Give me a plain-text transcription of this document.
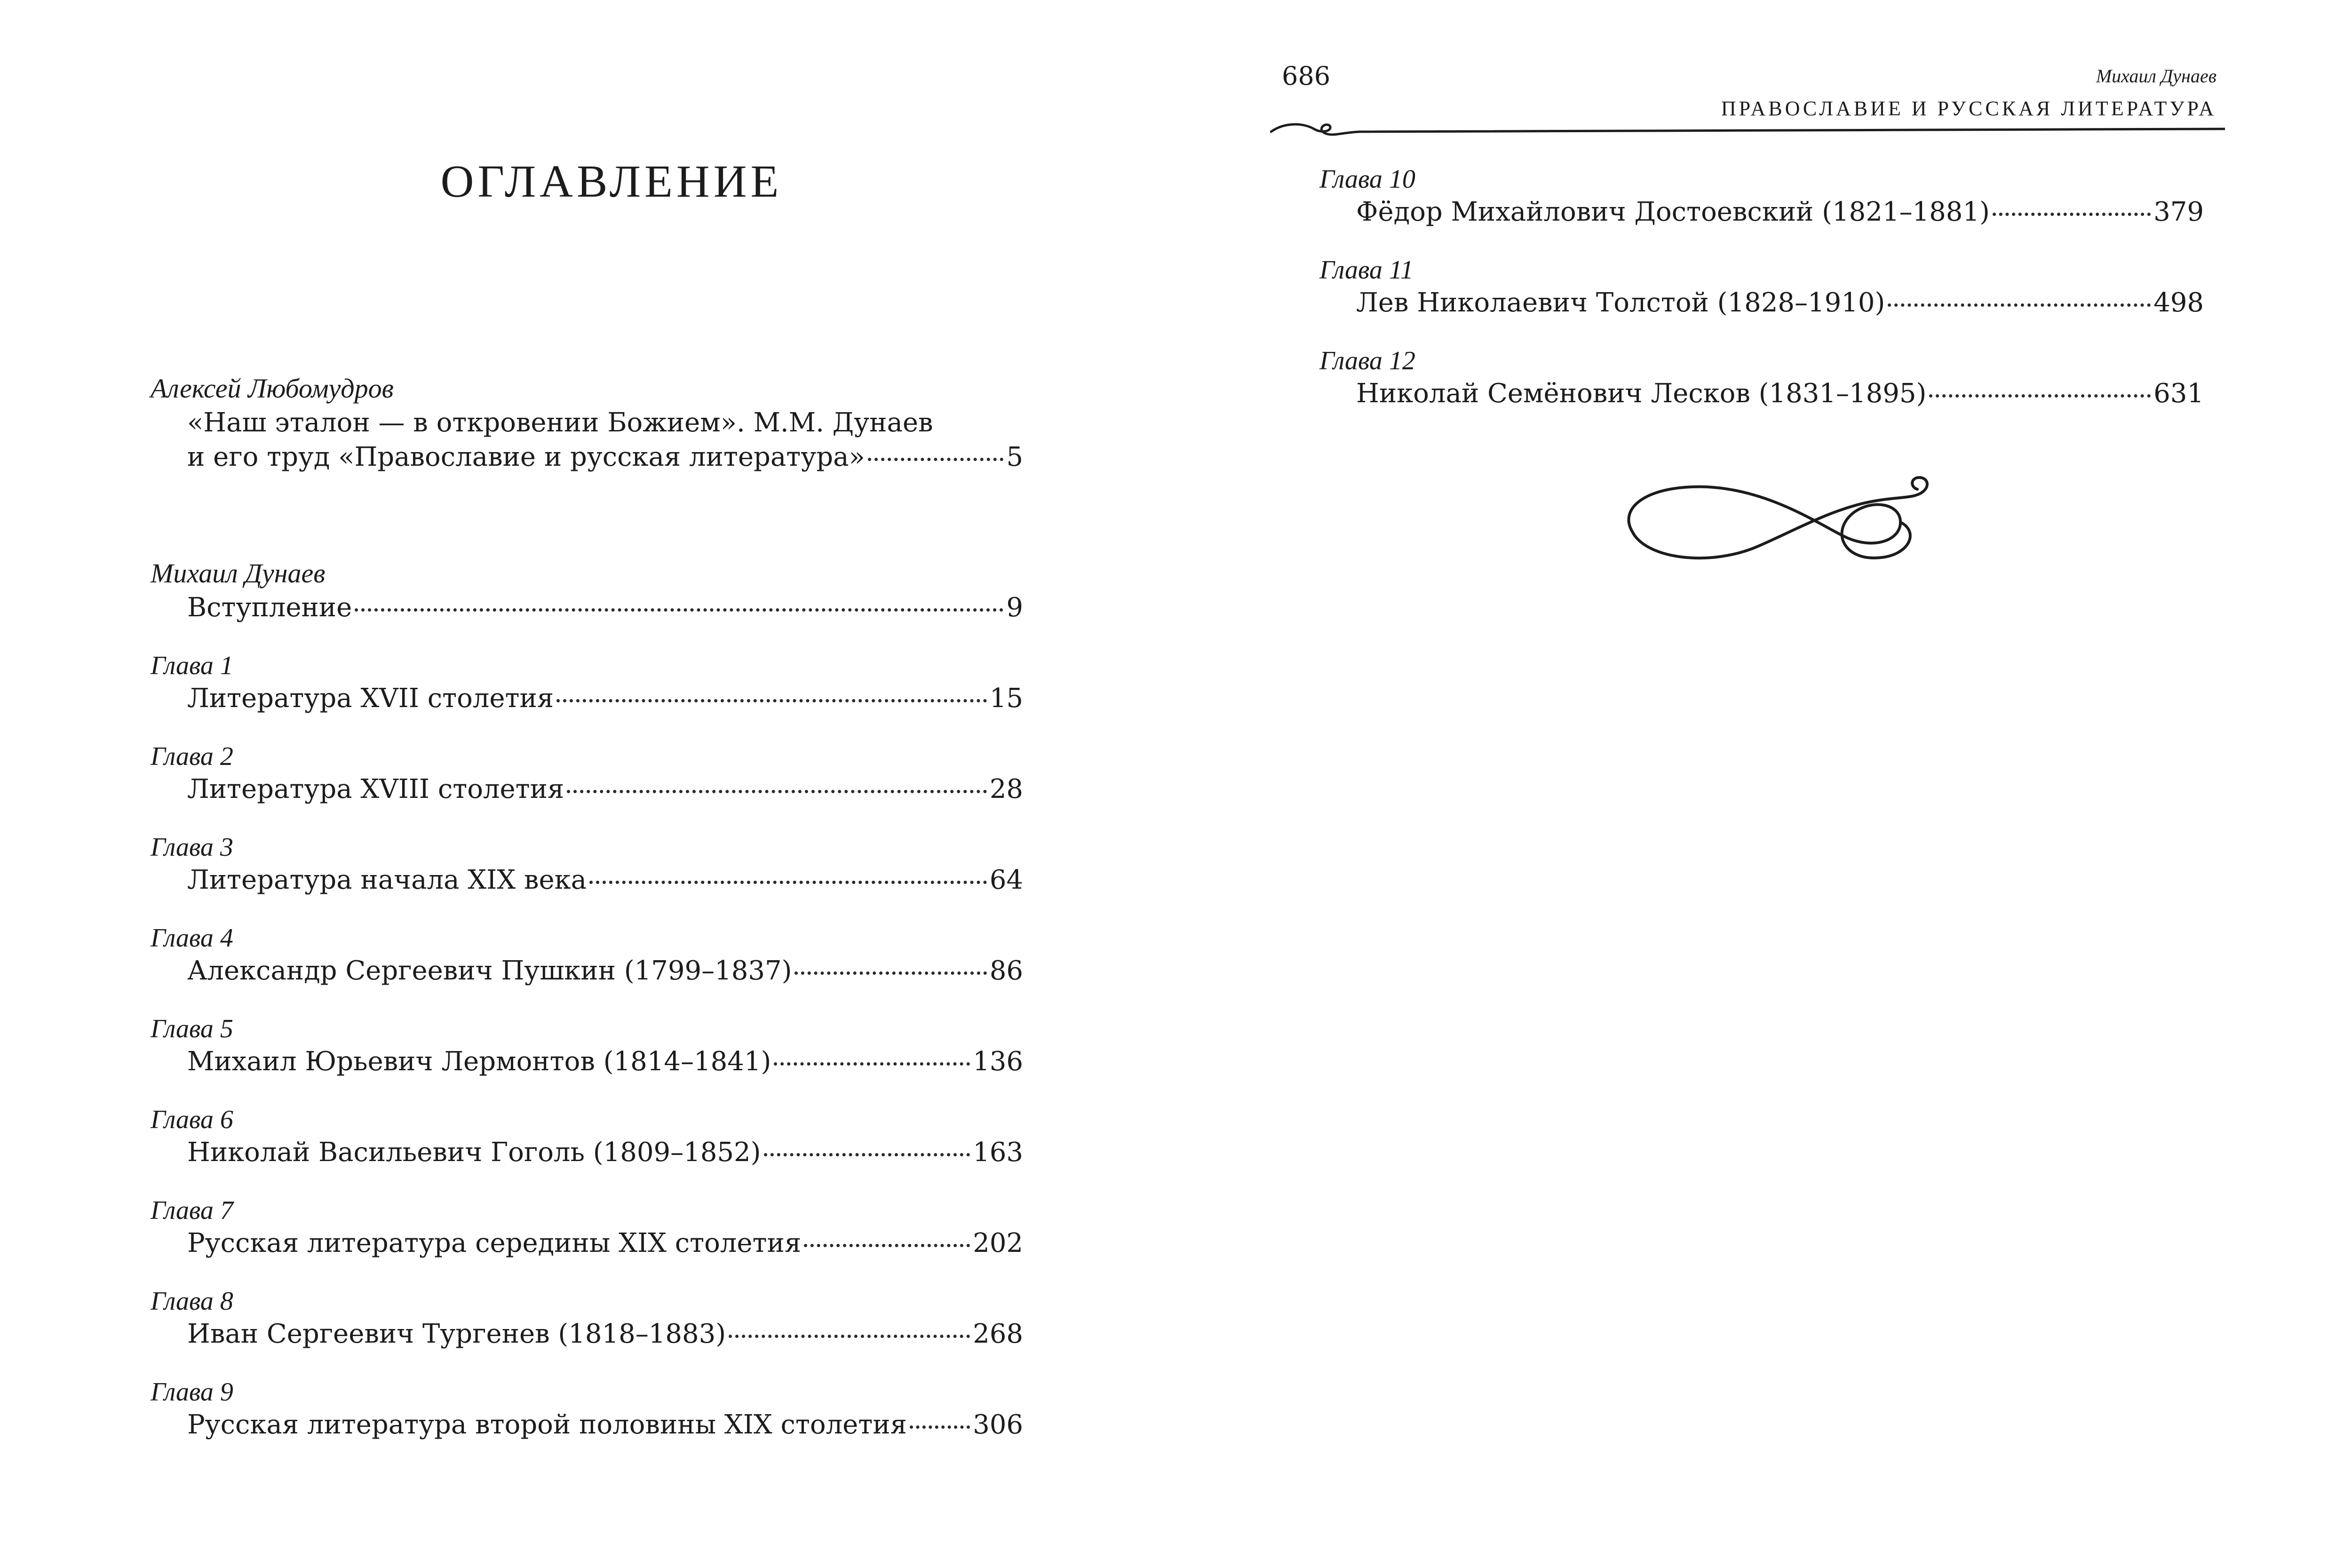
ОГЛАВЛЕНИЕ
Алексей Любомудров
«Наш эталон — в откровении Божием». М.М. Дунаев
и его труд «Православие и русская литература»	5
Михаил Дунаев
Вступление	9
Глава 1
Литература XVII столетия	15
Глава 2
Литература XVIII столетия	28
Глава 3
Литература начала XIX века	64
Глава 4
Александр Сергеевич Пушкин (1799–1837)	86
Глава 5
Михаил Юрьевич Лермонтов (1814–1841)	136
Глава 6
Николай Васильевич Гоголь (1809–1852)	163
Глава 7
Русская литература середины XIX столетия	202
Глава 8
Иван Сергеевич Тургенев (1818–1883)	268
Глава 9
Русская литература второй половины XIX столетия	306
686	Михаил Дунаев
ПРАВОСЛАВИЕ И РУССКАЯ ЛИТЕРАТУРА
Глава 10
Фёдор Михайлович Достоевский (1821–1881)	379
Глава 11
Лев Николаевич Толстой (1828–1910)	498
Глава 12
Николай Семёнович Лесков (1831–1895)	631
